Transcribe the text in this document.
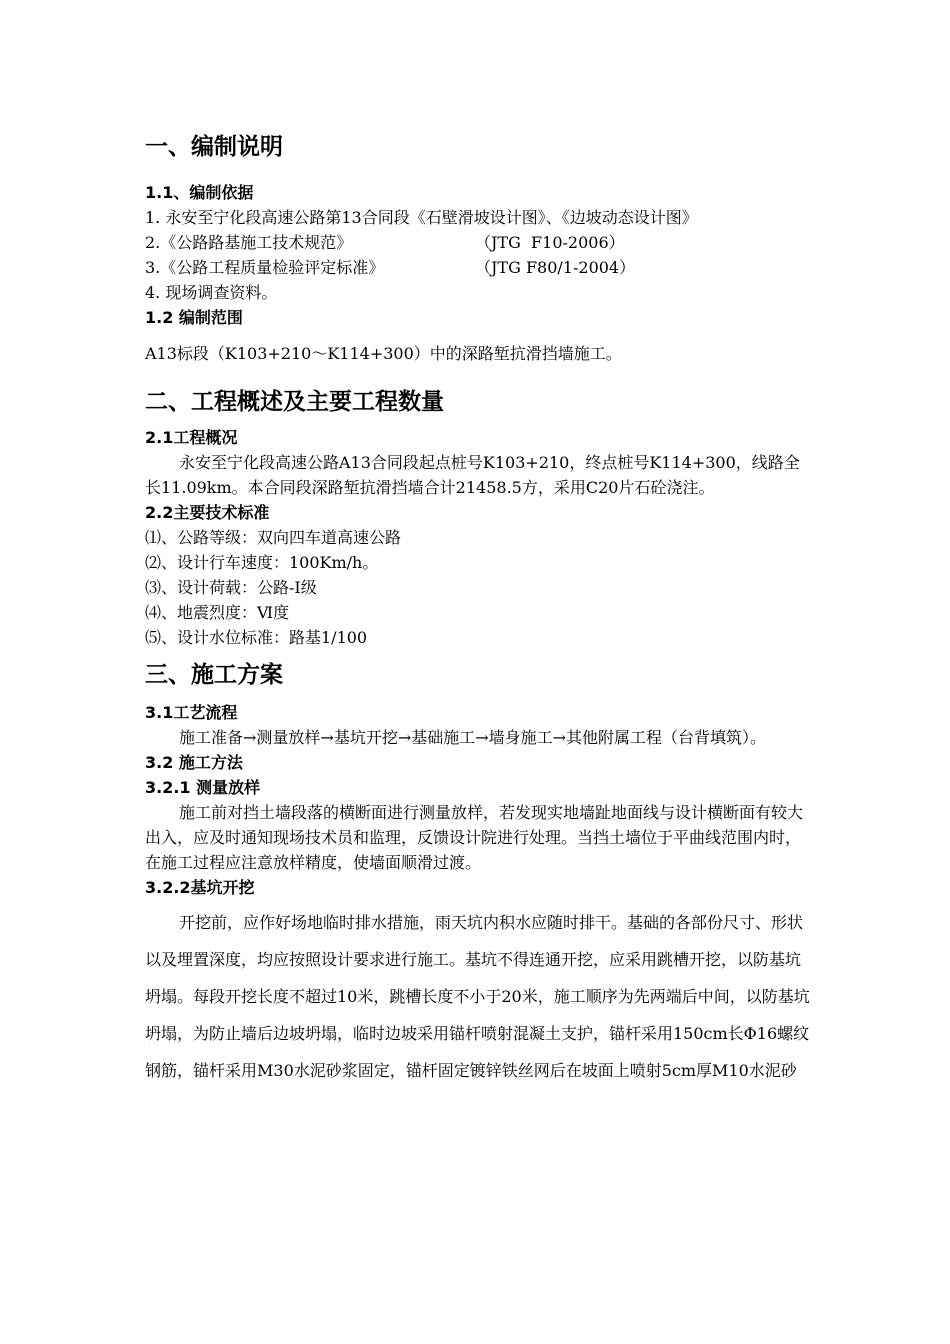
一、编制说明
1.1、编制依据
1. 永安至宁化段高速公路第13合同段《石壁滑坡设计图》、《边坡动态设计图》
2.《公路路基施工技术规范》	（JTG  F10-2006）
3.《公路工程质量检验评定标准》	（JTG F80/1-2004）
4. 现场调查资料。
1.2 编制范围
A13标段（K103+210～K114+300）中的深路堑抗滑挡墙施工。
二、工程概述及主要工程数量
2.1工程概况
永安至宁化段高速公路A13合同段起点桩号K103+210，终点桩号K114+300，线路全长11.09km。本合同段深路堑抗滑挡墙合计21458.5方，采用C20片石砼浇注。
2.2主要技术标准
⑴、公路等级：双向四车道高速公路
⑵、设计行车速度：100Km/h。
⑶、设计荷载：公路-Ⅰ级
⑷、地震烈度：Ⅵ度
⑸、设计水位标准：路基1/100
三、施工方案
3.1工艺流程
施工准备→测量放样→基坑开挖→基础施工→墙身施工→其他附属工程（台背填筑）。
3.2 施工方法
3.2.1 测量放样
施工前对挡土墙段落的横断面进行测量放样，若发现实地墙趾地面线与设计横断面有较大出入，应及时通知现场技术员和监理，反馈设计院进行处理。当挡土墙位于平曲线范围内时，在施工过程应注意放样精度，使墙面顺滑过渡。
3.2.2基坑开挖
开挖前，应作好场地临时排水措施，雨天坑内积水应随时排干。基础的各部份尺寸、形状以及埋置深度，均应按照设计要求进行施工。基坑不得连通开挖，应采用跳槽开挖，以防基坑坍塌。每段开挖长度不超过10米，跳槽长度不小于20米，施工顺序为先两端后中间，以防基坑坍塌，为防止墙后边坡坍塌，临时边坡采用锚杆喷射混凝土支护，锚杆采用150cm长Φ16螺纹钢筋，锚杆采用M30水泥砂浆固定，锚杆固定镀锌铁丝网后在坡面上喷射5cm厚M10水泥砂
